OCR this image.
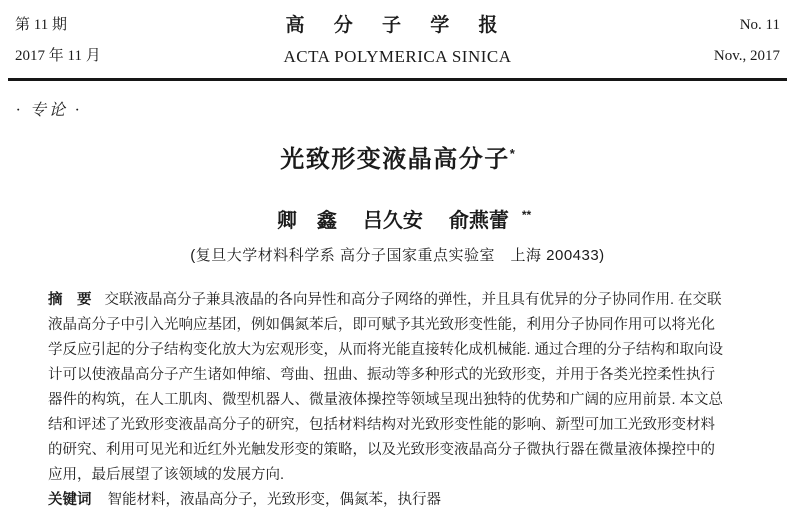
第 11 期
2017 年 11 月
高 分 子 学 报
ACTA POLYMERICA SINICA
No. 11
Nov., 2017
· 专论 ·
光致形变液晶高分子*
卿　鑫 吕久安 俞燕蕾 **
(复旦大学材料科学系 高分子国家重点实验室　上海 200433)
摘　要 交联液晶高分子兼具液晶的各向异性和高分子网络的弹性，并且具有优异的分子协同作用. 在交联
液晶高分子中引入光响应基团，例如偶氮苯后，即可赋予其光致形变性能，利用分子协同作用可以将光化
学反应引起的分子结构变化放大为宏观形变，从而将光能直接转化成机械能. 通过合理的分子结构和取向设
计可以使液晶高分子产生诸如伸缩、弯曲、扭曲、振动等多种形式的光致形变，并用于各类光控柔性执行
器件的构筑，在人工肌肉、微型机器人、微量液体操控等领域呈现出独特的优势和广阔的应用前景. 本文总
结和评述了光致形变液晶高分子的研究，包括材料结构对光致形变性能的影响、新型可加工光致形变材料
的研究、利用可见光和近红外光触发形变的策略，以及光致形变液晶高分子微执行器在微量液体操控中的
应用，最后展望了该领域的发展方向.
关键词 智能材料，液晶高分子，光致形变，偶氮苯，执行器
